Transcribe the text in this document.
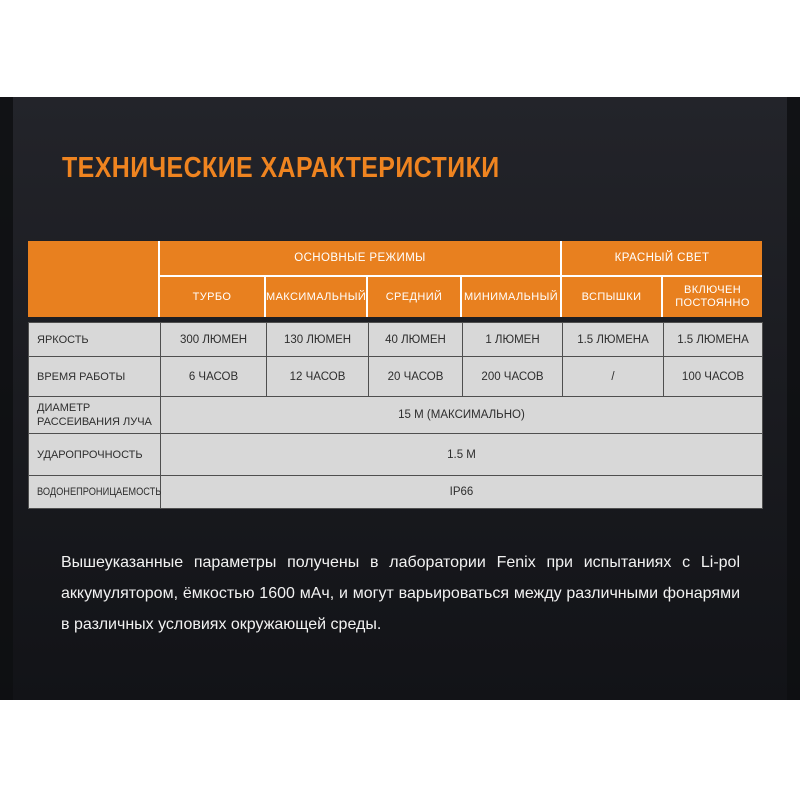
ТЕХНИЧЕСКИЕ ХАРАКТЕРИСТИКИ
	ОСНОВНЫЕ РЕЖИМЫ				КРАСНЫЙ СВЕТ	
	ТУРБО	МАКСИМАЛЬНЫЙ	СРЕДНИЙ	МИНИМАЛЬНЫЙ	ВСПЫШКИ	ВКЛЮЧЕН ПОСТОЯННО
ЯРКОСТЬ	300 ЛЮМЕН	130 ЛЮМЕН	40 ЛЮМЕН	1 ЛЮМЕН	1.5 ЛЮМЕНА	1.5 ЛЮМЕНА
ВРЕМЯ РАБОТЫ	6 ЧАСОВ	12 ЧАСОВ	20 ЧАСОВ	200 ЧАСОВ	/	100 ЧАСОВ
ДИАМЕТР РАССЕИВАНИЯ ЛУЧА	15 М (МАКСИМАЛЬНО)					
УДАРОПРОЧНОСТЬ	1.5 М					
ВОДОНЕПРОНИЦАЕМОСТЬ	IP66					
Вышеуказанные параметры получены в лаборатории Fenix при испытаниях с Li-pol
аккумулятором, ёмкостью 1600 мАч, и могут варьироваться между различными фонарями
в различных условиях окружающей среды.
